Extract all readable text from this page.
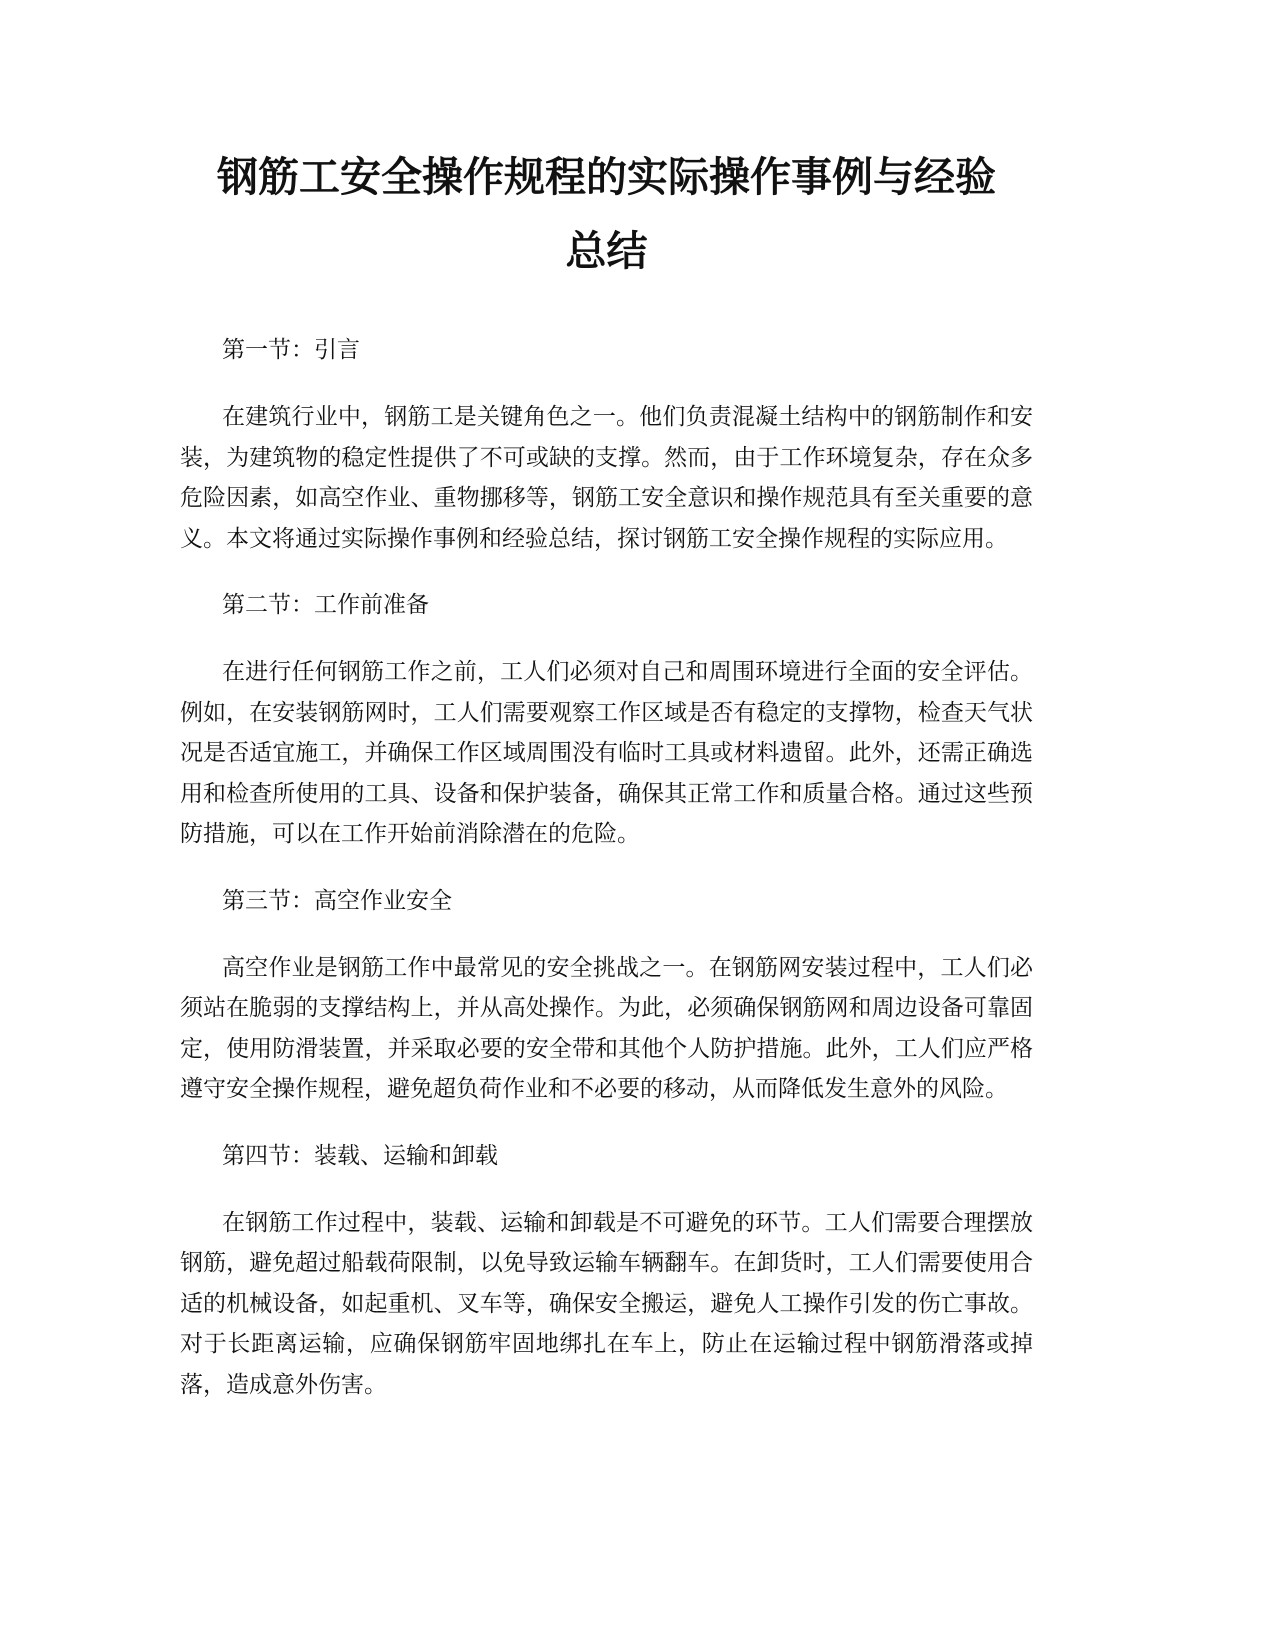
钢筋工安全操作规程的实际操作事例与经验
总结

第一节：引言

在建筑行业中，钢筋工是关键角色之一。他们负责混凝土结构中的钢筋制作和安装，为建筑物的稳定性提供了不可或缺的支撑。然而，由于工作环境复杂，存在众多危险因素，如高空作业、重物挪移等，钢筋工安全意识和操作规范具有至关重要的意义。本文将通过实际操作事例和经验总结，探讨钢筋工安全操作规程的实际应用。

第二节：工作前准备

在进行任何钢筋工作之前，工人们必须对自己和周围环境进行全面的安全评估。例如，在安装钢筋网时，工人们需要观察工作区域是否有稳定的支撑物，检查天气状况是否适宜施工，并确保工作区域周围没有临时工具或材料遗留。此外，还需正确选用和检查所使用的工具、设备和保护装备，确保其正常工作和质量合格。通过这些预防措施，可以在工作开始前消除潜在的危险。

第三节：高空作业安全

高空作业是钢筋工作中最常见的安全挑战之一。在钢筋网安装过程中，工人们必须站在脆弱的支撑结构上，并从高处操作。为此，必须确保钢筋网和周边设备可靠固定，使用防滑装置，并采取必要的安全带和其他个人防护措施。此外，工人们应严格遵守安全操作规程，避免超负荷作业和不必要的移动，从而降低发生意外的风险。

第四节：装载、运输和卸载

在钢筋工作过程中，装载、运输和卸载是不可避免的环节。工人们需要合理摆放钢筋，避免超过船载荷限制，以免导致运输车辆翻车。在卸货时，工人们需要使用合适的机械设备，如起重机、叉车等，确保安全搬运，避免人工操作引发的伤亡事故。对于长距离运输，应确保钢筋牢固地绑扎在车上，防止在运输过程中钢筋滑落或掉落，造成意外伤害。
